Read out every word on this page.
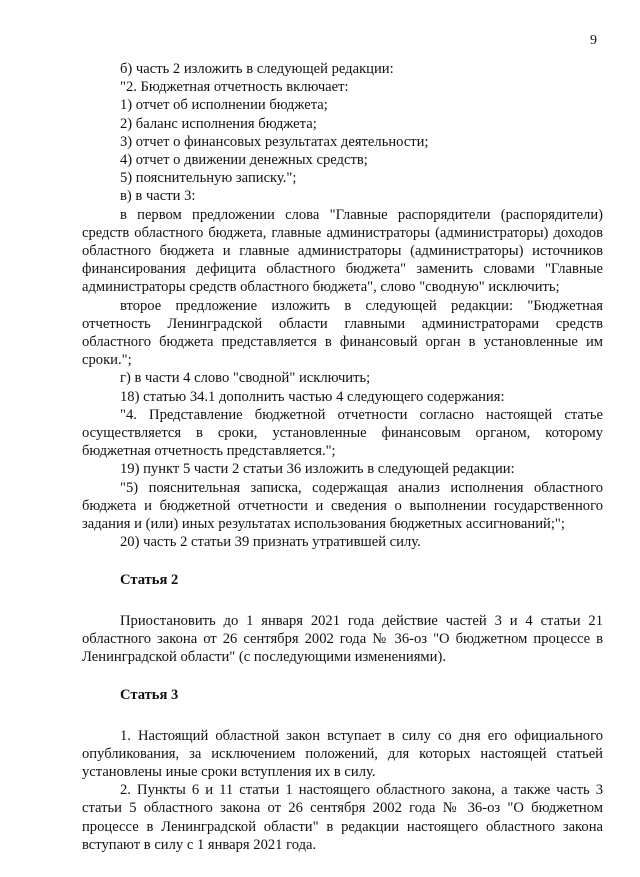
9

б) часть 2 изложить в следующей редакции:

"2. Бюджетная отчетность включает:

1) отчет об исполнении бюджета;

2) баланс исполнения бюджета;

3) отчет о финансовых результатах деятельности;

4) отчет о движении денежных средств;

5) пояснительную записку.";

в) в части 3:

в первом предложении слова "Главные распорядители (распорядители) средств областного бюджета, главные администраторы (администраторы) доходов областного бюджета и главные администраторы (администраторы) источников финансирования дефицита областного бюджета" заменить словами "Главные администраторы средств областного бюджета", слово "сводную" исключить;

второе предложение изложить в следующей редакции: "Бюджетная отчетность Ленинградской области главными администраторами средств областного бюджета представляется в финансовый орган в установленные им сроки.";

г) в части 4 слово "сводной" исключить;

18) статью 34.1 дополнить частью 4 следующего содержания:

"4. Представление бюджетной отчетности согласно настоящей статье осуществляется в сроки, установленные финансовым органом, которому бюджетная отчетность представляется.";

19) пункт 5 части 2 статьи 36 изложить в следующей редакции:

"5) пояснительная записка, содержащая анализ исполнения областного бюджета и бюджетной отчетности и сведения о выполнении государственного задания и (или) иных результатах использования бюджетных ассигнований;";

20) часть 2 статьи 39 признать утратившей силу.

Статья 2

Приостановить до 1 января 2021 года действие частей 3 и 4 статьи 21 областного закона от 26 сентября 2002 года № 36-оз "О бюджетном процессе в Ленинградской области" (с последующими изменениями).

Статья 3

1. Настоящий областной закон вступает в силу со дня его официального опубликования, за исключением положений, для которых настоящей статьей установлены иные сроки вступления их в силу.

2. Пункты 6 и 11 статьи 1 настоящего областного закона, а также часть 3 статьи 5 областного закона от 26 сентября 2002 года № 36-оз "О бюджетном процессе в Ленинградской области" в редакции настоящего областного закона вступают в силу с 1 января 2021 года.
